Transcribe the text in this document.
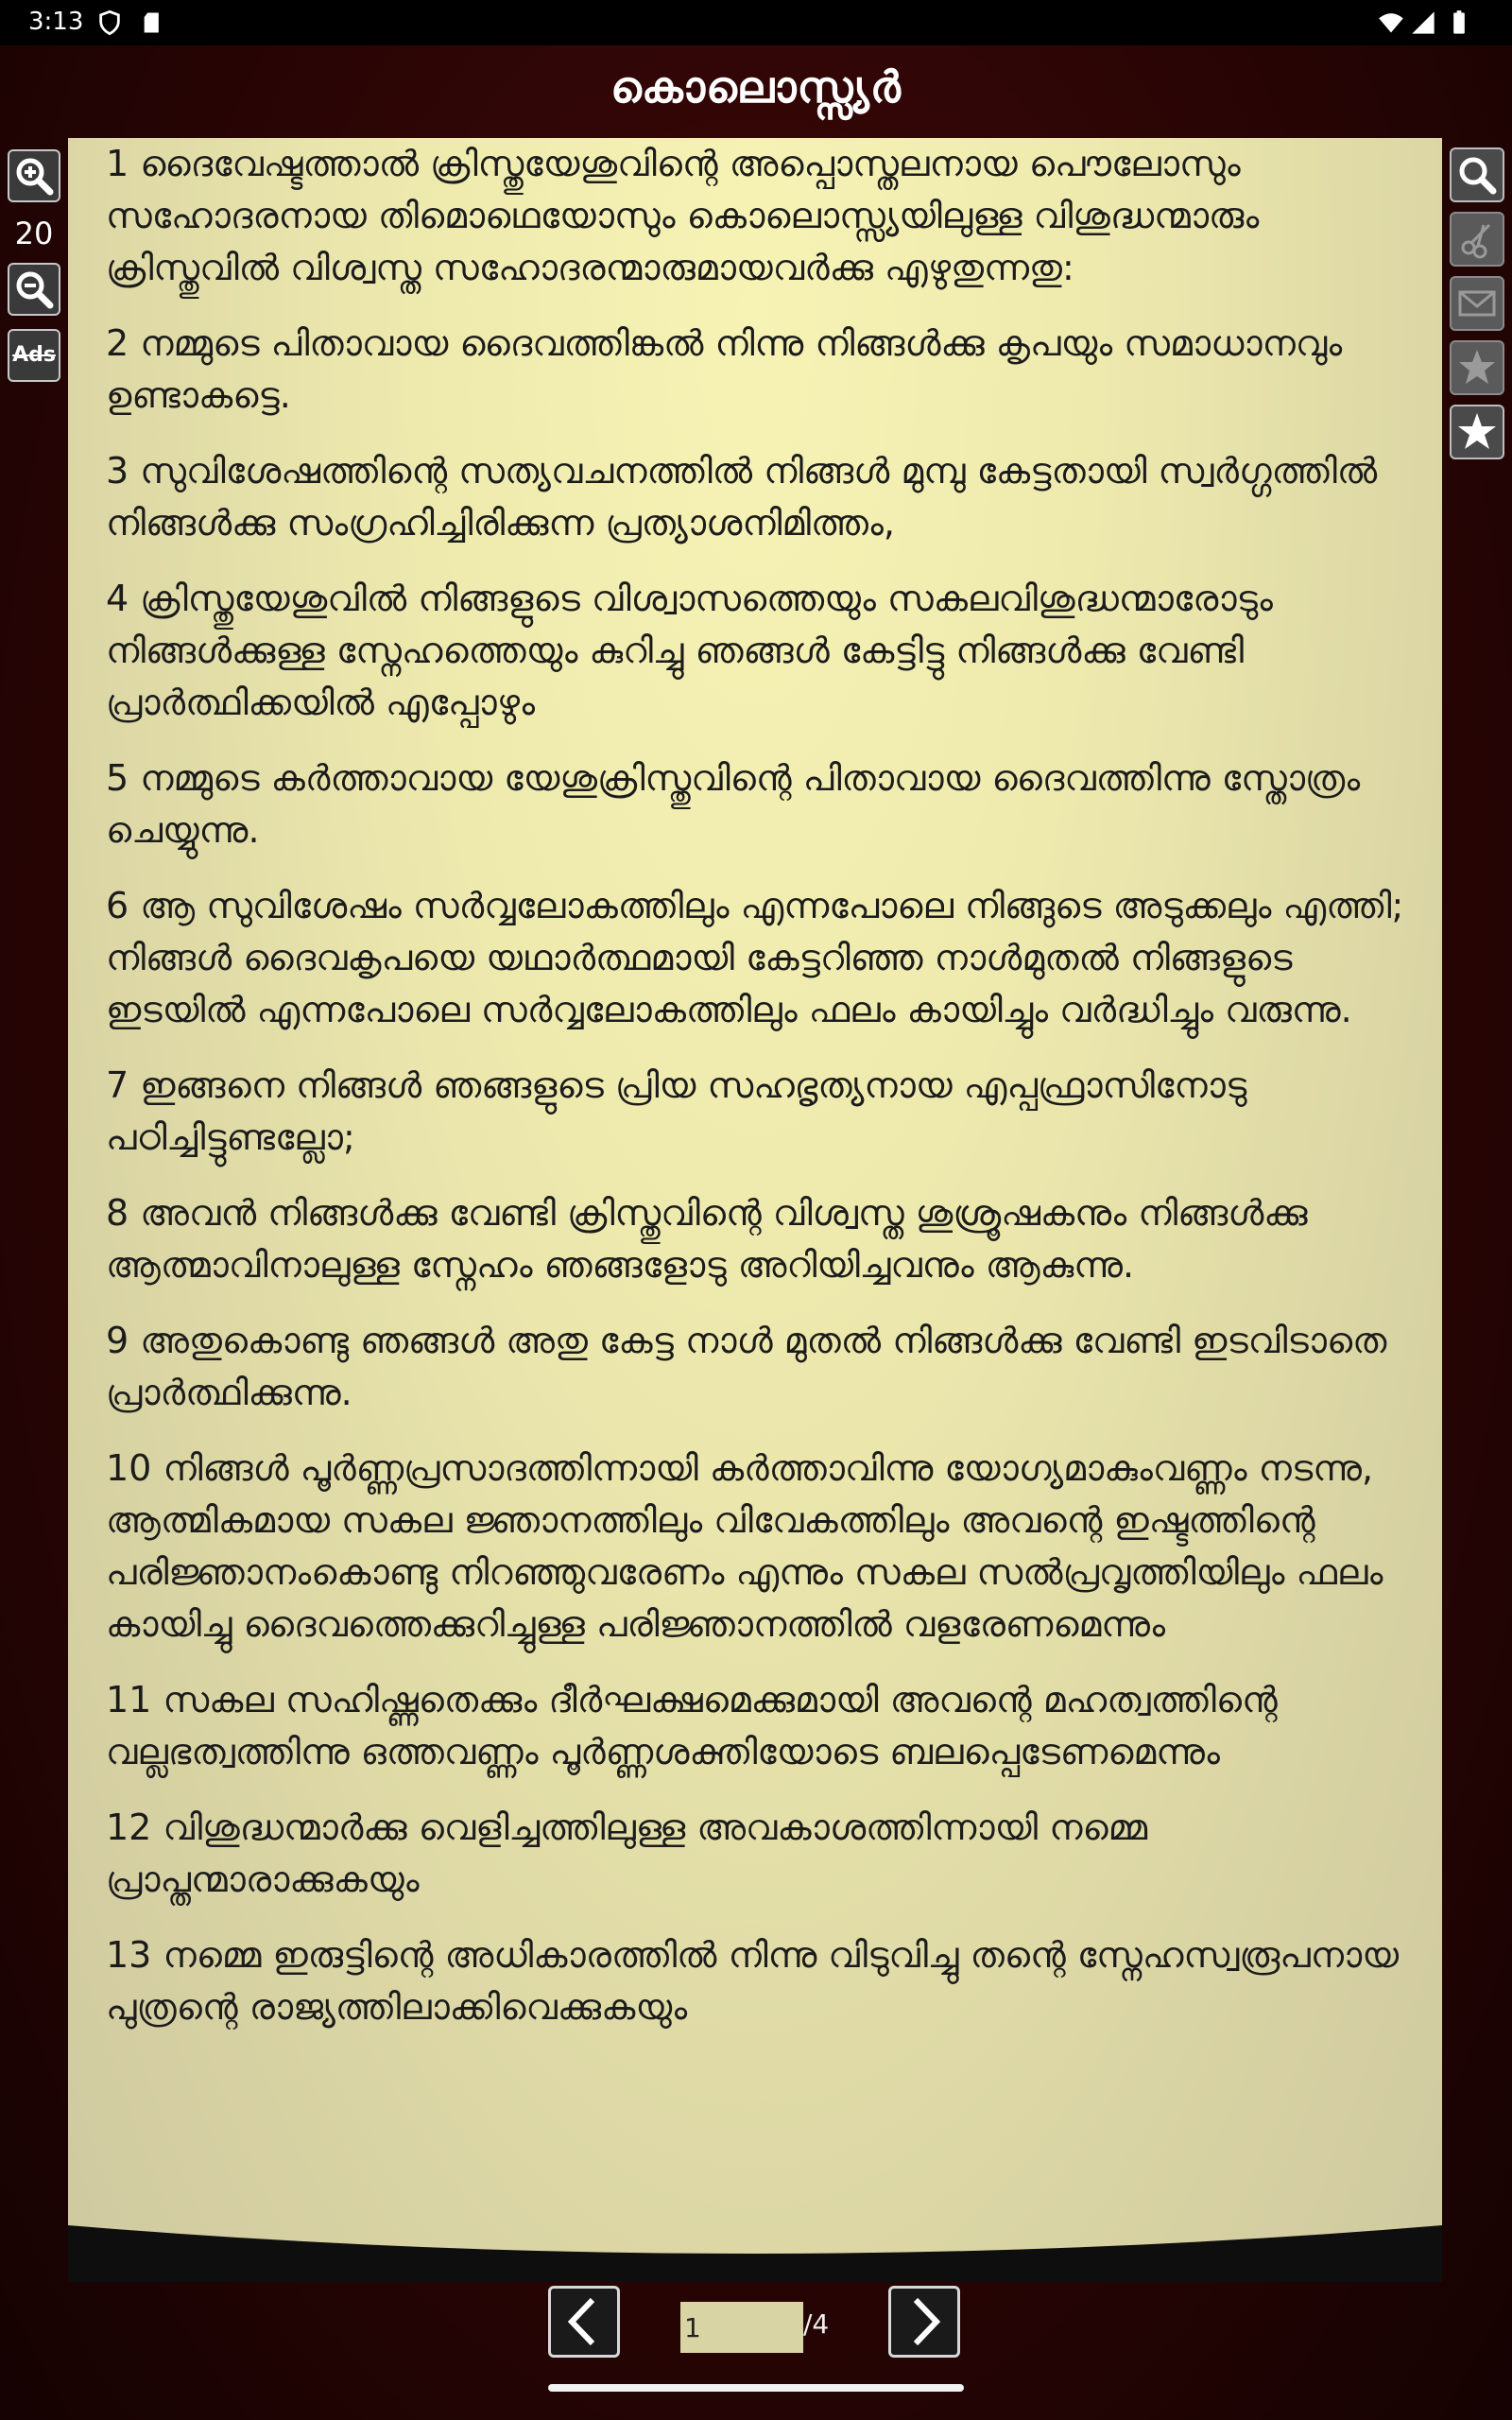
3:13
കൊലൊസ്സ്യർ
20
Ads

1 ദൈവേഷ്ടത്താൽ ക്രിസ്തുയേശുവിന്റെ അപ്പൊസ്തലനായ പൌലോസും സഹോദരനായ തിമൊഥെയോസും കൊലൊസ്സ്യയിലുള്ള വിശുദ്ധന്മാരും ക്രിസ്തുവിൽ വിശ്വസ്ത സഹോദരന്മാരുമായവർക്കു എഴുതുന്നതു:

2 നമ്മുടെ പിതാവായ ദൈവത്തിങ്കൽ നിന്നു നിങ്ങൾക്കു കൃപയും സമാധാനവും ഉണ്ടാകട്ടെ.

3 സുവിശേഷത്തിന്റെ സത്യവചനത്തിൽ നിങ്ങൾ മുമ്പു കേട്ടതായി സ്വർഗ്ഗത്തിൽ നിങ്ങൾക്കു സംഗ്രഹിച്ചിരിക്കുന്ന പ്രത്യാശനിമിത്തം,

4 ക്രിസ്തുയേശുവിൽ നിങ്ങളുടെ വിശ്വാസത്തെയും സകലവിശുദ്ധന്മാരോടും നിങ്ങൾക്കുള്ള സ്നേഹത്തെയും കുറിച്ചു ഞങ്ങൾ കേട്ടിട്ടു നിങ്ങൾക്കു വേണ്ടി പ്രാർത്ഥിക്കയിൽ എപ്പോഴും

5 നമ്മുടെ കർത്താവായ യേശുക്രിസ്തുവിന്റെ പിതാവായ ദൈവത്തിന്നു സ്തോത്രം ചെയ്യുന്നു.

6 ആ സുവിശേഷം സർവ്വലോകത്തിലും എന്നപോലെ നിങ്ങുടെ അടുക്കലും എത്തി; നിങ്ങൾ ദൈവകൃപയെ യഥാർത്ഥമായി കേട്ടറിഞ്ഞ നാൾമുതൽ നിങ്ങളുടെ ഇടയിൽ എന്നപോലെ സർവ്വലോകത്തിലും ഫലം കായിച്ചും വർദ്ധിച്ചും വരുന്നു.

7 ഇങ്ങനെ നിങ്ങൾ ഞങ്ങളുടെ പ്രിയ സഹഭൃത്യനായ എപ്പഫ്രാസിനോടു പഠിച്ചിട്ടുണ്ടല്ലോ;

8 അവൻ നിങ്ങൾക്കു വേണ്ടി ക്രിസ്തുവിന്റെ വിശ്വസ്ത ശുശ്രൂഷകനും നിങ്ങൾക്കു ആത്മാവിനാലുള്ള സ്നേഹം ഞങ്ങളോടു അറിയിച്ചവനും ആകുന്നു.

9 അതുകൊണ്ടു ഞങ്ങൾ അതു കേട്ട നാൾ മുതൽ നിങ്ങൾക്കു വേണ്ടി ഇടവിടാതെ പ്രാർത്ഥിക്കുന്നു.

10 നിങ്ങൾ പൂർണ്ണപ്രസാദത്തിന്നായി കർത്താവിന്നു യോഗ്യമാകുംവണ്ണം നടന്നു, ആത്മികമായ സകല ജ്ഞാനത്തിലും വിവേകത്തിലും അവന്റെ ഇഷ്ടത്തിന്റെ പരിജ്ഞാനംകൊണ്ടു നിറഞ്ഞുവരേണം എന്നും സകല സൽപ്രവൃത്തിയിലും ഫലം കായിച്ചു ദൈവത്തെക്കുറിച്ചുള്ള പരിജ്ഞാനത്തിൽ വളരേണമെന്നും

11 സകല സഹിഷ്ണതെക്കും ദീർഘക്ഷമെക്കുമായി അവന്റെ മഹത്വത്തിന്റെ വല്ലഭത്വത്തിന്നു ഒത്തവണ്ണം പൂർണ്ണശക്തിയോടെ ബലപ്പെടേണമെന്നും

12 വിശുദ്ധന്മാർക്കു വെളിച്ചത്തിലുള്ള അവകാശത്തിന്നായി നമ്മെ പ്രാപ്തന്മാരാക്കുകയും

13 നമ്മെ ഇരുട്ടിന്റെ അധികാരത്തിൽ നിന്നു വിടുവിച്ചു തന്റെ സ്നേഹസ്വരൂപനായ പുത്രന്റെ രാജ്യത്തിലാക്കിവെക്കുകയും

1
/4
